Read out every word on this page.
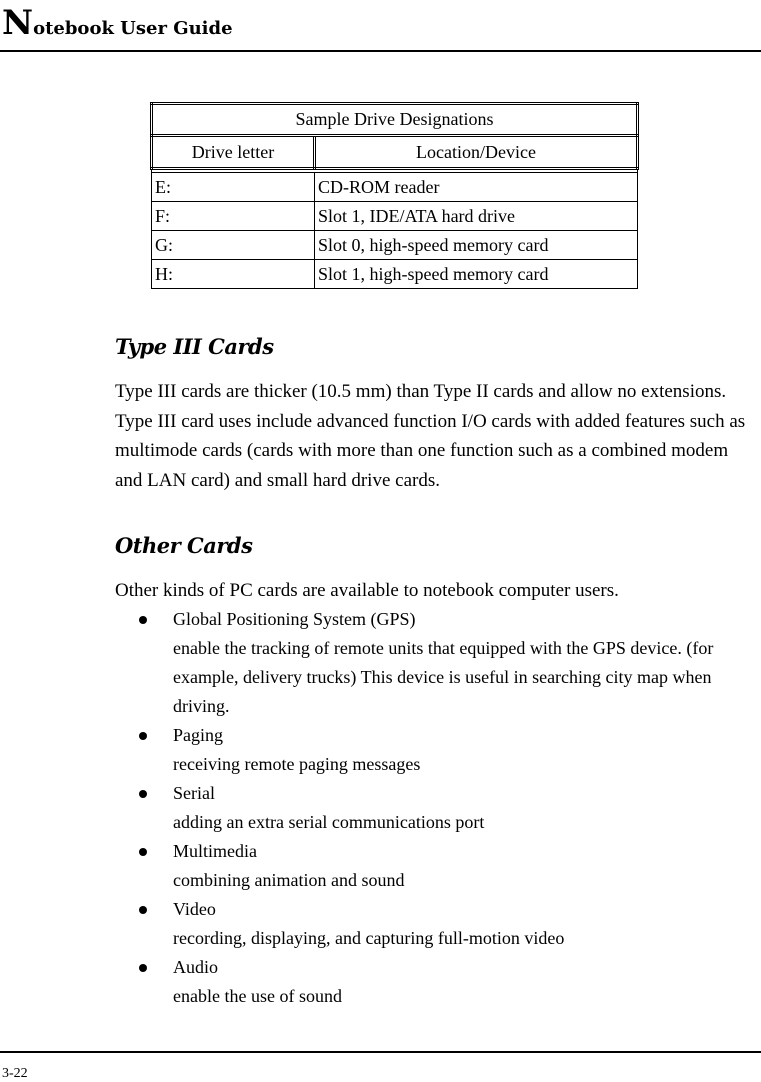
Notebook User Guide
Sample Drive Designations	
Drive letter	Location/Device

E:	CD-ROM reader
F:	Slot 1, IDE/ATA hard drive
G:	Slot 0, high-speed memory card
H:	Slot 1, high-speed memory card
Type III Cards
Type III cards are thicker (10.5 mm) than Type II cards and allow no extensions. Type III card uses include advanced function I/O cards with added features such as multimode cards (cards with more than one function such as a combined modem and LAN card) and small hard drive cards.
Other Cards
Other kinds of PC cards are available to notebook computer users.
Global Positioning System (GPS)
enable the tracking of remote units that equipped with the GPS device. (for example, delivery trucks) This device is useful in searching city map when driving.
Paging
receiving remote paging messages
Serial
adding an extra serial communications port
Multimedia
combining animation and sound
Video
recording, displaying, and capturing full-motion video
Audio
enable the use of sound
3-22
